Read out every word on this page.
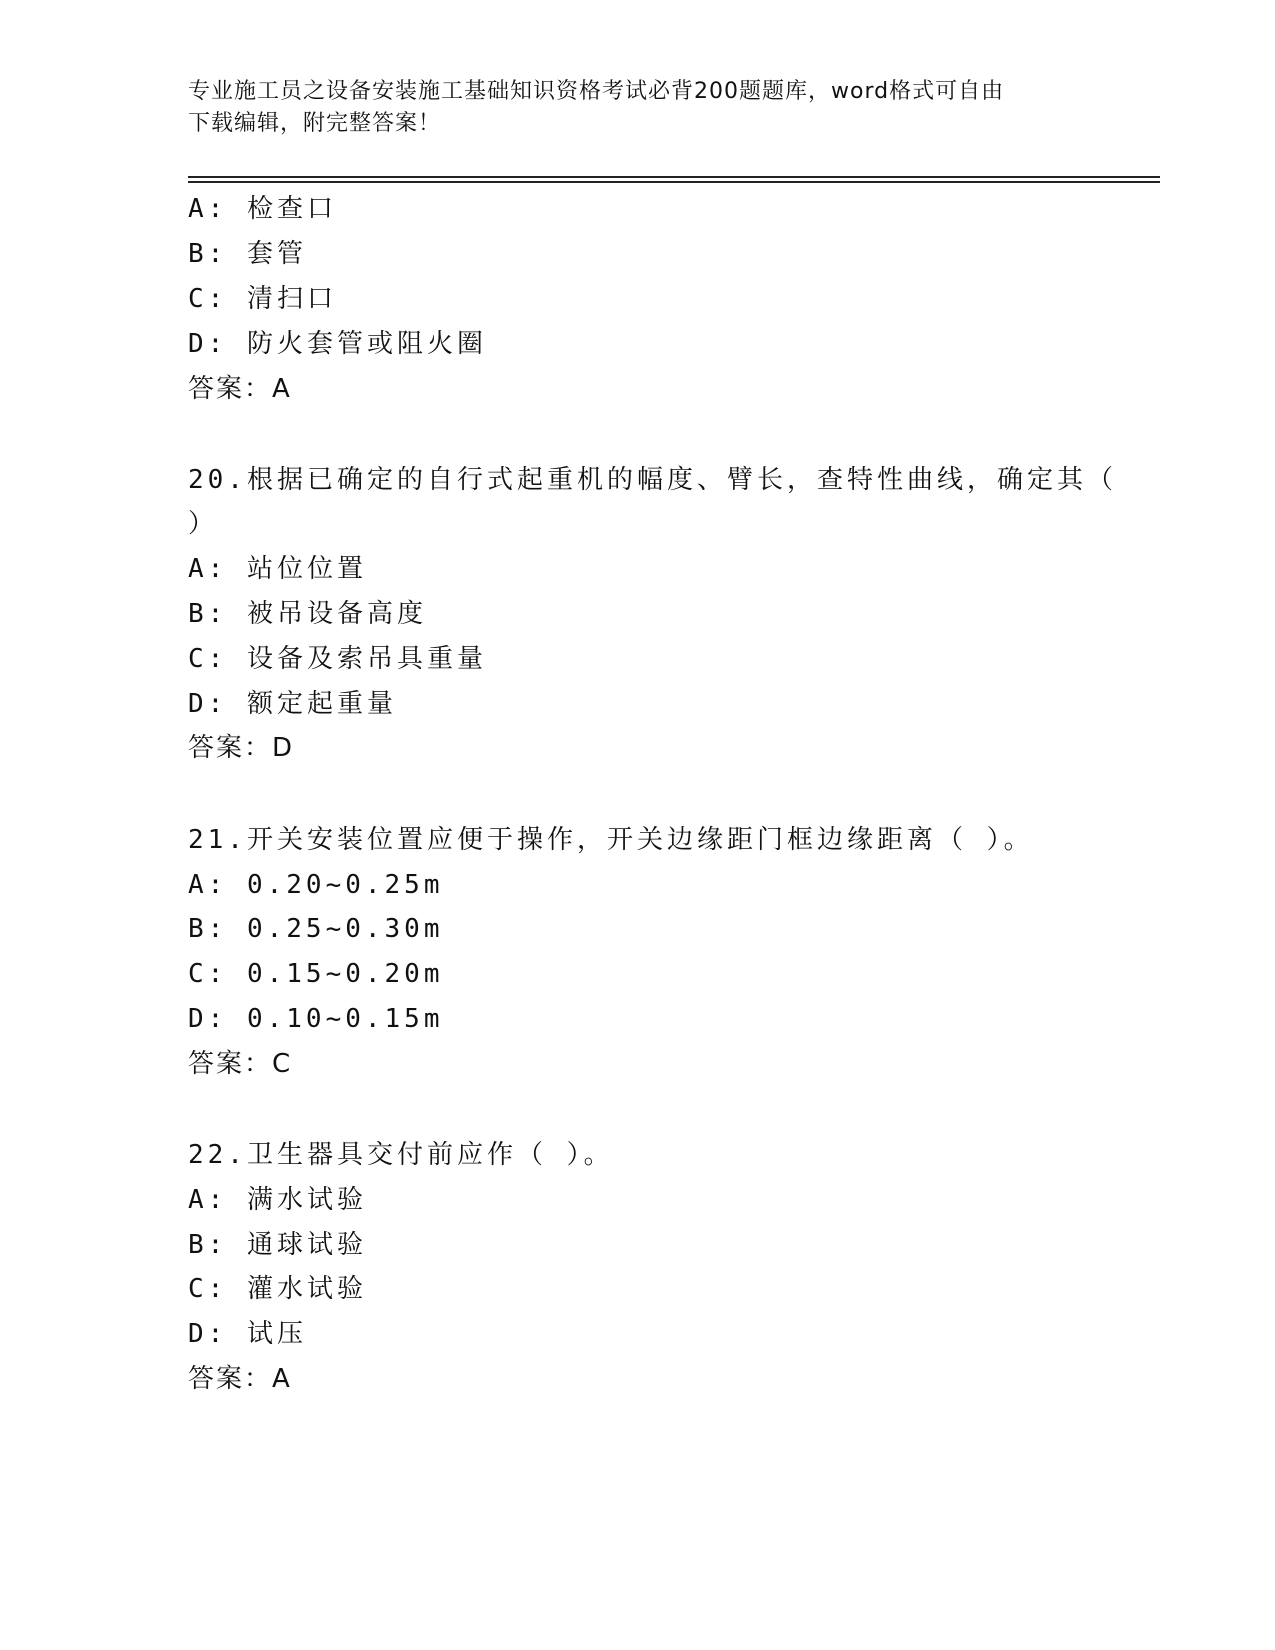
专业施工员之设备安装施工基础知识资格考试必背200题题库，word格式可自由
下载编辑，附完整答案！
A: 检查口
B: 套管
C: 清扫口
D: 防火套管或阻火圈
答案：A
20.根据已确定的自行式起重机的幅度、臂长，查特性曲线，确定其（
）
A: 站位位置
B: 被吊设备高度
C: 设备及索吊具重量
D: 额定起重量
答案：D
21.开关安装位置应便于操作，开关边缘距门框边缘距离（ ）。
A: 0.20~0.25m
B: 0.25~0.30m
C: 0.15~0.20m
D: 0.10~0.15m
答案：C
22.卫生器具交付前应作（ ）。
A: 满水试验
B: 通球试验
C: 灌水试验
D: 试压
答案：A
